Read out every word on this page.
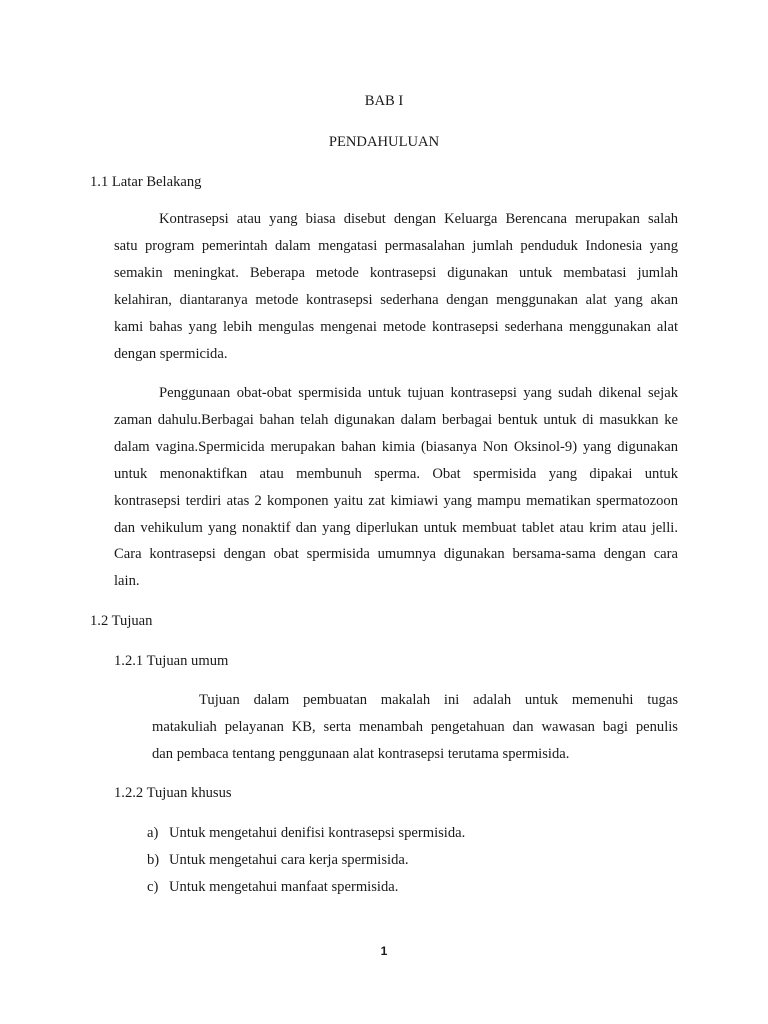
BAB I
PENDAHULUAN
1.1 Latar Belakang
Kontrasepsi atau yang biasa disebut dengan Keluarga Berencana merupakan salah
satu program pemerintah dalam mengatasi permasalahan jumlah penduduk Indonesia yang
semakin meningkat. Beberapa metode kontrasepsi digunakan untuk membatasi jumlah
kelahiran, diantaranya metode kontrasepsi sederhana dengan menggunakan alat yang akan
kami bahas yang lebih mengulas mengenai metode kontrasepsi sederhana menggunakan alat
dengan spermicida.
Penggunaan obat-obat spermisida untuk tujuan kontrasepsi yang sudah dikenal sejak
zaman dahulu.Berbagai bahan telah digunakan dalam berbagai bentuk untuk di masukkan ke
dalam vagina.Spermicida merupakan bahan kimia (biasanya Non Oksinol-9) yang digunakan
untuk menonaktifkan atau membunuh sperma. Obat spermisida yang dipakai untuk
kontrasepsi terdiri atas 2 komponen yaitu zat kimiawi yang mampu mematikan spermatozoon
dan vehikulum yang nonaktif dan yang diperlukan untuk membuat tablet atau krim atau jelli.
Cara kontrasepsi dengan obat spermisida umumnya digunakan bersama-sama dengan cara
lain.
1.2 Tujuan
1.2.1 Tujuan umum
Tujuan dalam pembuatan makalah ini adalah untuk memenuhi tugas
matakuliah pelayanan KB, serta menambah pengetahuan dan wawasan bagi penulis
dan pembaca tentang penggunaan alat kontrasepsi terutama spermisida.
1.2.2 Tujuan khusus
a) Untuk mengetahui denifisi kontrasepsi spermisida.
b) Untuk mengetahui cara kerja spermisida.
c) Untuk mengetahui manfaat spermisida.
1
